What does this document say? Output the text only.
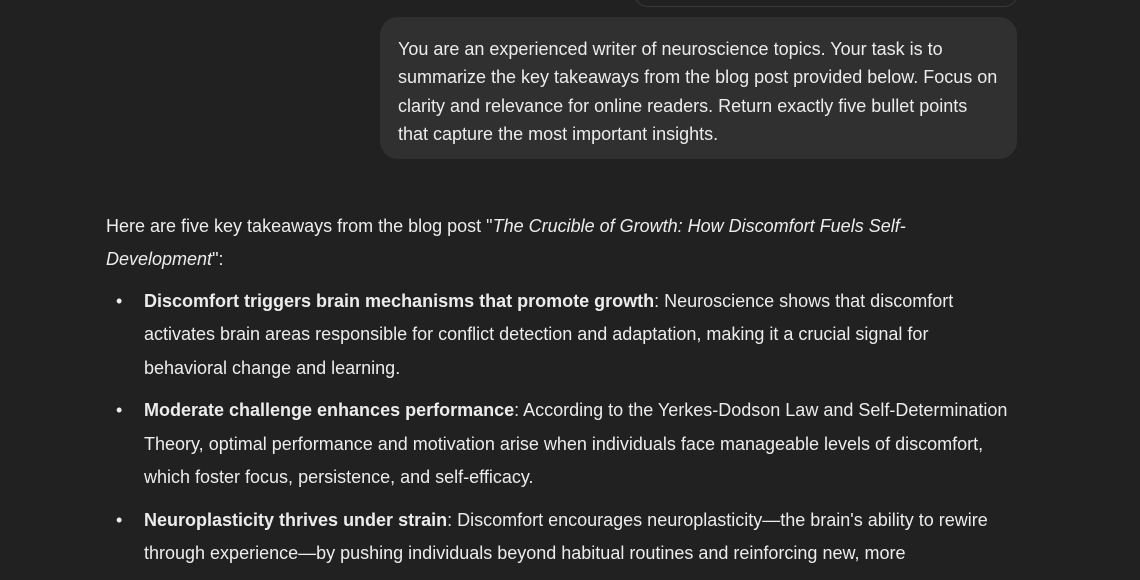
You are an experienced writer of neuroscience topics. Your task is to summarize the key takeaways from the blog post provided below. Focus on clarity and relevance for online readers. Return exactly five bullet points that capture the most important insights.

Here are five key takeaways from the blog post "The Crucible of Growth: How Discomfort Fuels Self-Development":

• Discomfort triggers brain mechanisms that promote growth: Neuroscience shows that discomfort activates brain areas responsible for conflict detection and adaptation, making it a crucial signal for behavioral change and learning.
• Moderate challenge enhances performance: According to the Yerkes-Dodson Law and Self-Determination Theory, optimal performance and motivation arise when individuals face manageable levels of discomfort, which foster focus, persistence, and self-efficacy.
• Neuroplasticity thrives under strain: Discomfort encourages neuroplasticity—the brain's ability to rewire through experience—by pushing individuals beyond habitual routines and reinforcing new, more
